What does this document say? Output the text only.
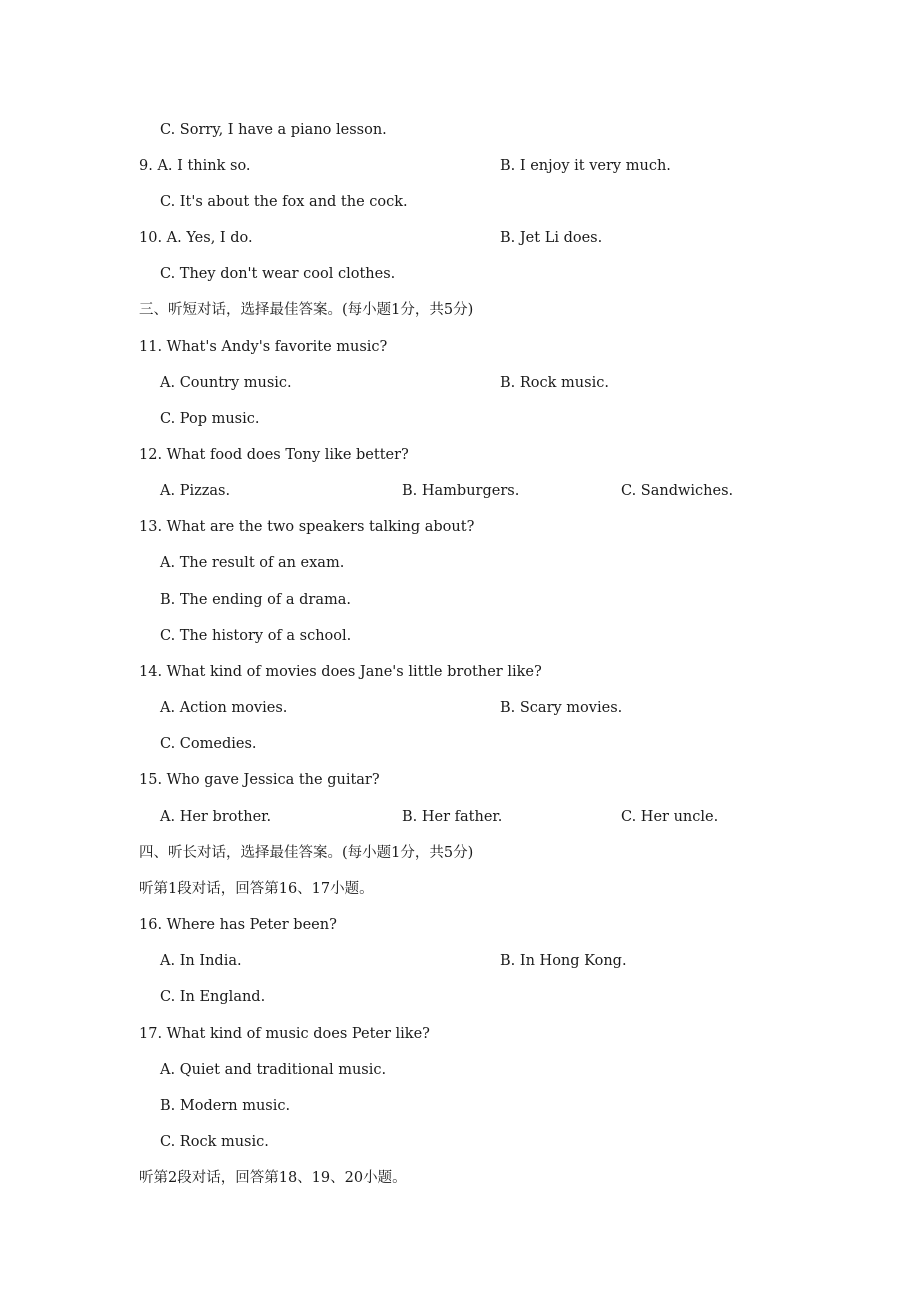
C. Sorry, I have a piano lesson.
9. A. I think so.	B. I enjoy it very much.
C. It's about the fox and the cock.
10. A. Yes, I do.	B. Jet Li does.
C. They don't wear cool clothes.
三、听短对话，选择最佳答案。(每小题1分，共5分)
11. What's Andy's favorite music?
A. Country music.	B. Rock music.
C. Pop music.
12. What food does Tony like better?
A. Pizzas.	B. Hamburgers.	C. Sandwiches.
13. What are the two speakers talking about?
A. The result of an exam.
B. The ending of a drama.
C. The history of a school.
14. What kind of movies does Jane's little brother like?
A. Action movies.	B. Scary movies.
C. Comedies.
15. Who gave Jessica the guitar?
A. Her brother.	B. Her father.	C. Her uncle.
四、听长对话，选择最佳答案。(每小题1分，共5分)
听第1段对话，回答第16、17小题。
16. Where has Peter been?
A. In India.	B. In Hong Kong.
C. In England.
17. What kind of music does Peter like?
A. Quiet and traditional music.
B. Modern music.
C. Rock music.
听第2段对话，回答第18、19、20小题。
